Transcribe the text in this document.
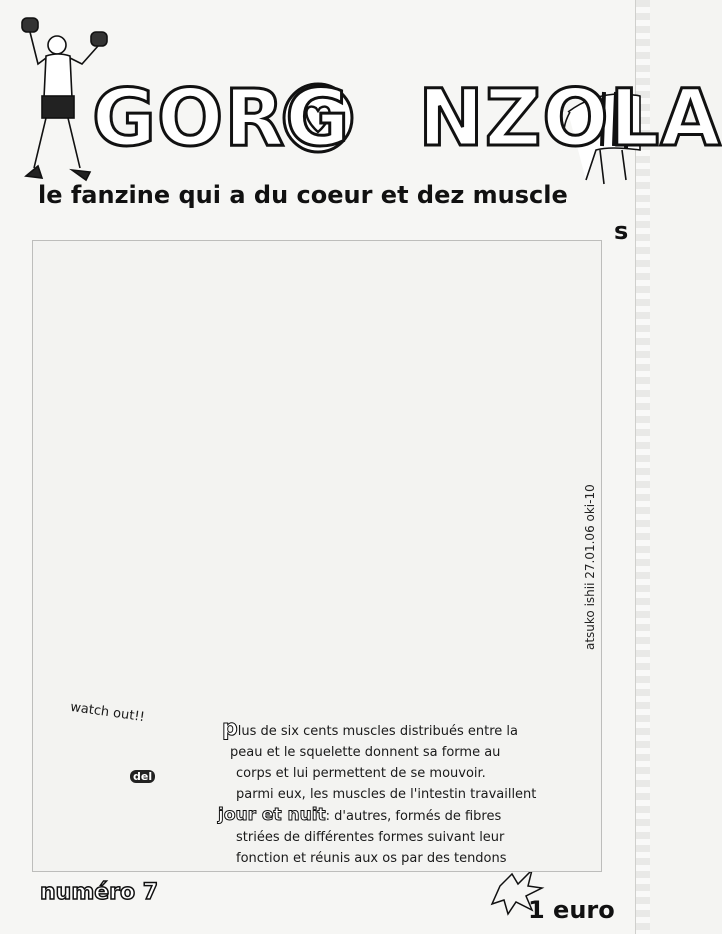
GORG NZOLA
le fanzine qui a du coeur et dez muscle
s
atsuko ishii 27.01.06 oki-10
watch out!!
del
plus de six cents muscles distribués entre la
peau et le squelette donnent sa forme au
corps et lui permettent de se mouvoir.
parmi eux, les muscles de l'intestin travaillent
jour et nuit: d'autres, formés de fibres
striées de différentes formes suivant leur
fonction et réunis aux os par des tendons
numéro 7
1 euro
